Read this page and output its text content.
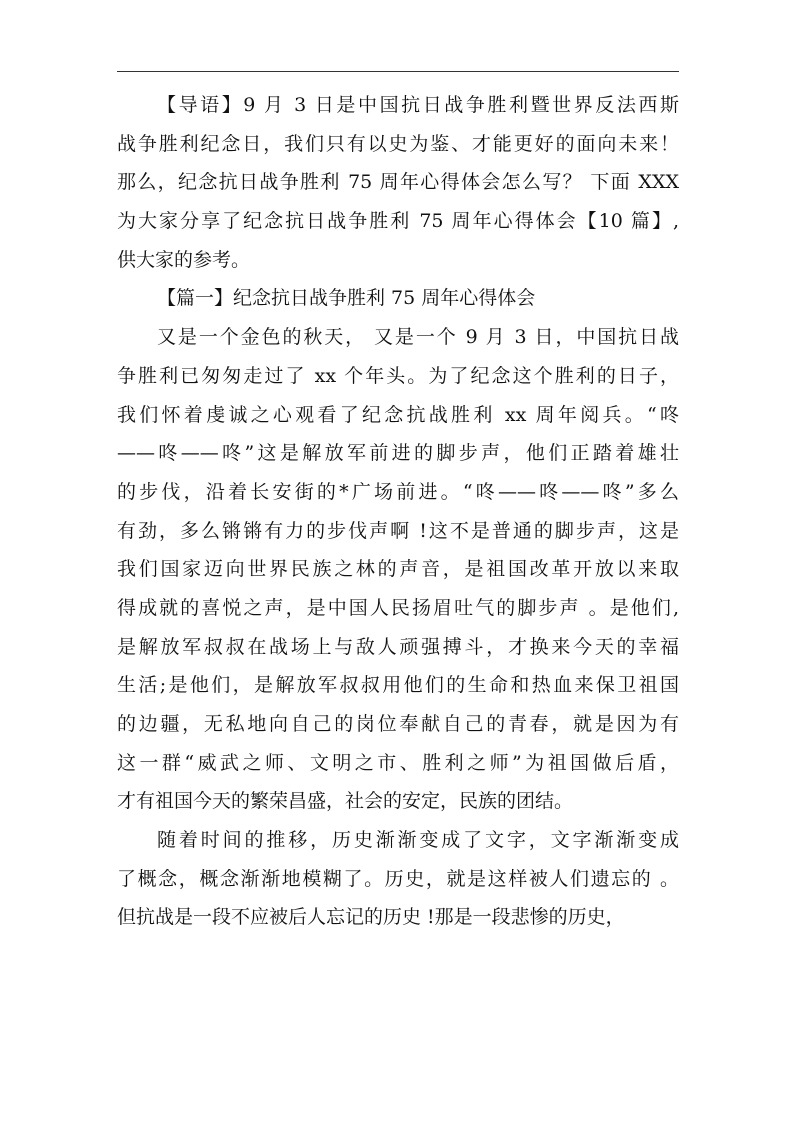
【导语】9 月 3 日是中国抗日战争胜利暨世界反法西斯
战争胜利纪念日，我们只有以史为鉴、才能更好的面向未来！
那么，纪念抗日战争胜利 75 周年心得体会怎么写？ 下面 XXX
为大家分享了纪念抗日战争胜利 75 周年心得体会【10 篇】,
供大家的参考。
【篇一】纪念抗日战争胜利 75 周年心得体会
又是一个金色的秋天， 又是一个 9 月 3 日，中国抗日战
争胜利已匆匆走过了 xx 个年头。为了纪念这个胜利的日子，
我们怀着虔诚之心观看了纪念抗战胜利 xx 周年阅兵。“咚
——咚——咚”这是解放军前进的脚步声，他们正踏着雄壮
的步伐，沿着长安街的*广场前进。“咚——咚——咚”多么
有劲，多么锵锵有力的步伐声啊 !这不是普通的脚步声，这是
我们国家迈向世界民族之林的声音，是祖国改革开放以来取
得成就的喜悦之声，是中国人民扬眉吐气的脚步声 。是他们,
是解放军叔叔在战场上与敌人顽强搏斗，才换来今天的幸福
生活;是他们，是解放军叔叔用他们的生命和热血来保卫祖国
的边疆，无私地向自己的岗位奉献自己的青春，就是因为有
这一群“威武之师、文明之市、胜利之师”为祖国做后盾，
才有祖国今天的繁荣昌盛，社会的安定，民族的团结。
随着时间的推移，历史渐渐变成了文字，文字渐渐变成
了概念，概念渐渐地模糊了。历史，就是这样被人们遗忘的 。
但抗战是一段不应被后人忘记的历史 !那是一段悲惨的历史，
